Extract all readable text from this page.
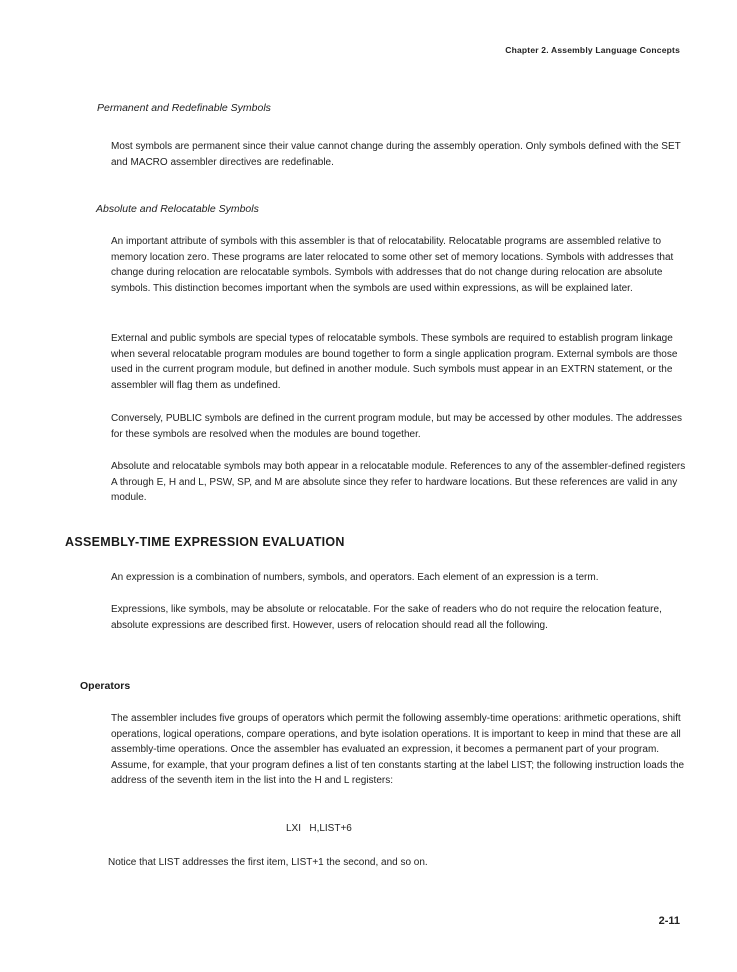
Chapter 2. Assembly Language Concepts
Permanent and Redefinable Symbols
Most symbols are permanent since their value cannot change during the assembly operation. Only symbols defined with the SET and MACRO assembler directives are redefinable.
Absolute and Relocatable Symbols
An important attribute of symbols with this assembler is that of relocatability. Relocatable programs are assembled relative to memory location zero. These programs are later relocated to some other set of memory locations. Symbols with addresses that change during relocation are relocatable symbols. Symbols with addresses that do not change during relocation are absolute symbols. This distinction becomes important when the symbols are used within expressions, as will be explained later.
External and public symbols are special types of relocatable symbols. These symbols are required to establish program linkage when several relocatable program modules are bound together to form a single application program. External symbols are those used in the current program module, but defined in another module. Such symbols must appear in an EXTRN statement, or the assembler will flag them as undefined.
Conversely, PUBLIC symbols are defined in the current program module, but may be accessed by other modules. The addresses for these symbols are resolved when the modules are bound together.
Absolute and relocatable symbols may both appear in a relocatable module. References to any of the assembler-defined registers A through E, H and L, PSW, SP, and M are absolute since they refer to hardware locations. But these references are valid in any module.
ASSEMBLY-TIME EXPRESSION EVALUATION
An expression is a combination of numbers, symbols, and operators. Each element of an expression is a term.
Expressions, like symbols, may be absolute or relocatable. For the sake of readers who do not require the relocation feature, absolute expressions are described first. However, users of relocation should read all the following.
Operators
The assembler includes five groups of operators which permit the following assembly-time operations: arithmetic operations, shift operations, logical operations, compare operations, and byte isolation operations. It is important to keep in mind that these are all assembly-time operations. Once the assembler has evaluated an expression, it becomes a permanent part of your program. Assume, for example, that your program defines a list of ten constants starting at the label LIST; the following instruction loads the address of the seventh item in the list into the H and L registers:
LXI   H,LIST+6
Notice that LIST addresses the first item, LIST+1 the second, and so on.
2-11
